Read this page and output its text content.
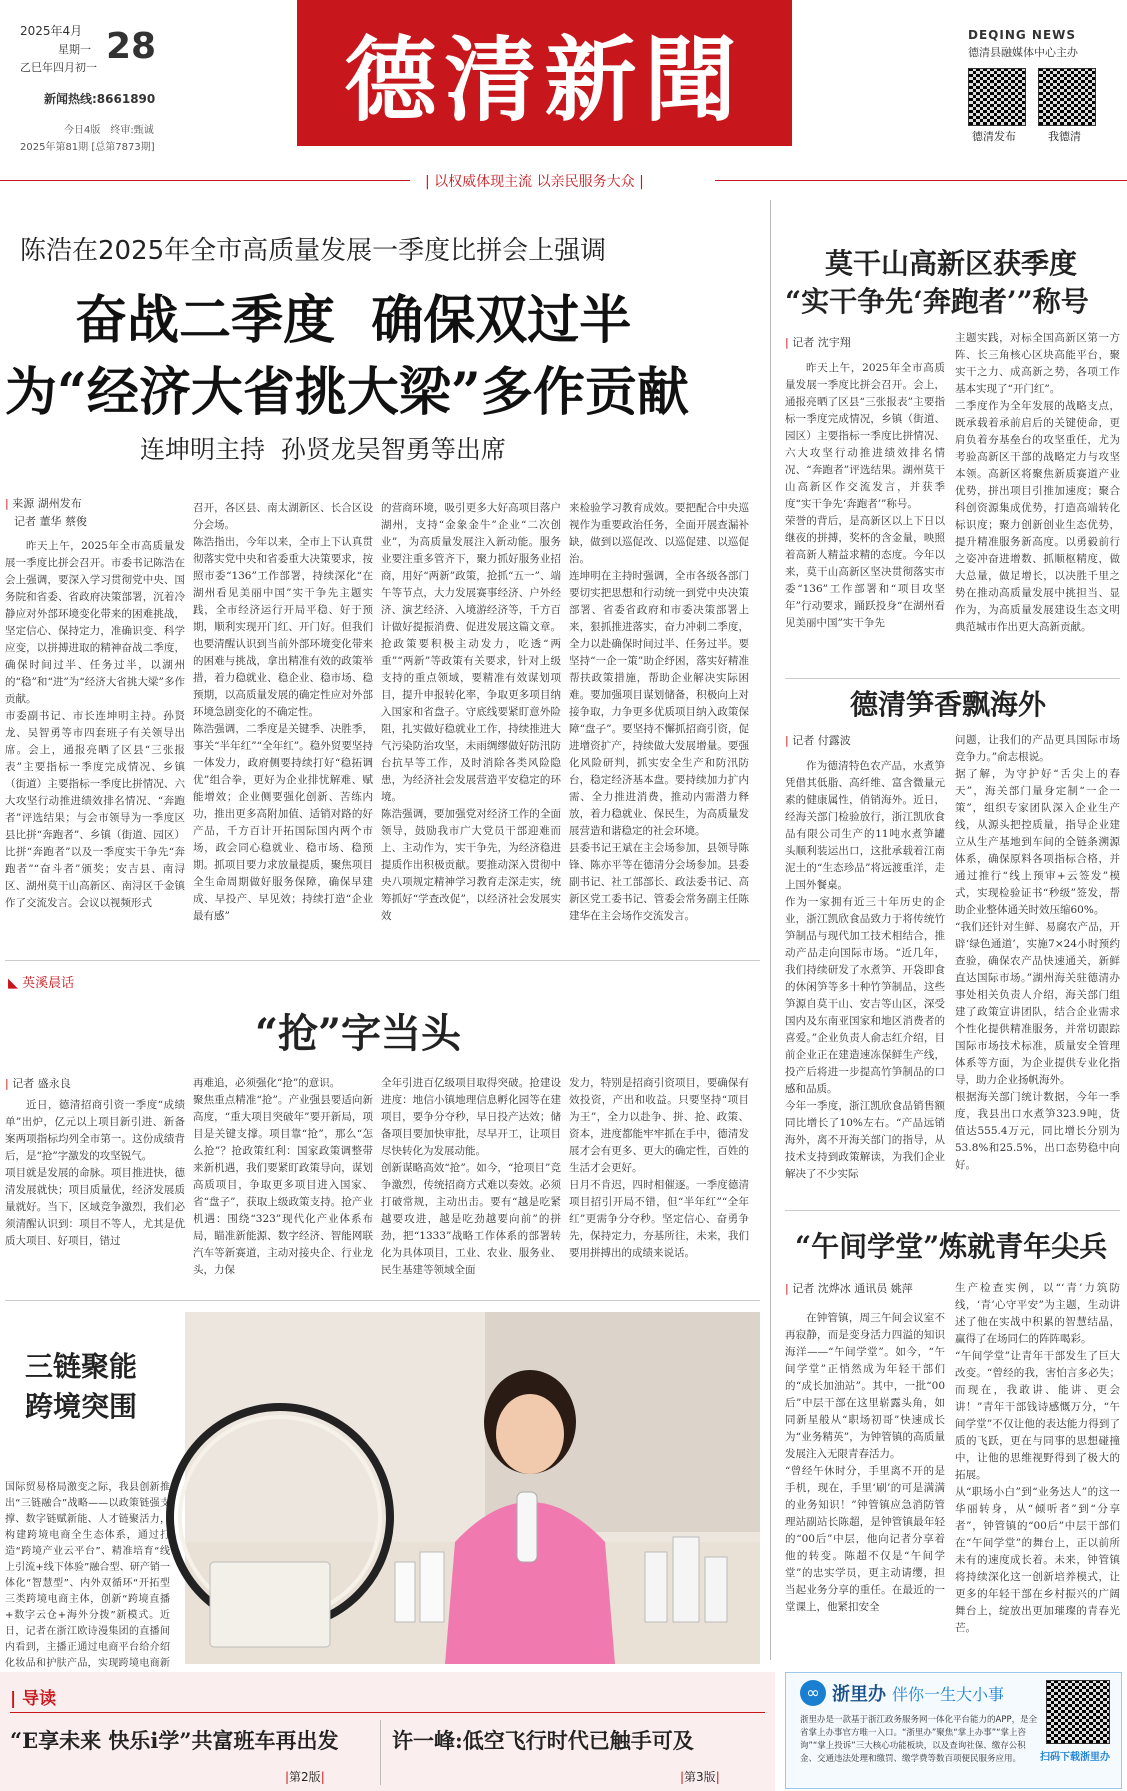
2025年4月
星期一
乙巳年四月初一
28
新闻热线:8661890
今日4版　终审:甄诚
2025年第81期 [总第7873期]
德清新聞	DEQING NEWS
德清县融媒体中心主办
德清发布	我德清
| 以权威体现主流 以亲民服务大众 |
陈浩在2025年全市高质量发展一季度比拼会上强调
奋战二季度  确保双过半
为“经济大省挑大梁”多作贡献
连坤明主持  孙贤龙吴智勇等出席
| 来源 湖州发布
记者 董华 蔡俊

昨天上午，2025年全市高质量发展一季度比拼会召开。市委书记陈浩在会上强调，要深入学习贯彻党中央、国务院和省委、省政府决策部署，沉着冷静应对外部环境变化带来的困难挑战，坚定信心、保持定力，准确识变、科学应变，以拼搏进取的精神奋战二季度，确保时间过半、任务过半，以湖州的“稳”和“进”为“经济大省挑大梁”多作贡献。
市委副书记、市长连坤明主持。孙贤龙、吴智勇等市四套班子有关领导出席。会上，通报亮晒了区县“三张报表”主要指标一季度完成情况、乡镇（街道）主要指标一季度比拼情况、六大攻坚行动推进绩效排名情况、“奔跑者”评选结果；与会市领导为一季度区县比拼“奔跑者”、乡镇（街道、园区）比拼“奔跑者”以及一季度实干争先“奔跑者”“奋斗者”颁奖；安吉县、南浔区、湖州莫干山高新区、南浔区千金镇作了交流发言。会议以视频形式

召开，各区县、南太湖新区、长合区设分会场。
陈浩指出，今年以来，全市上下认真贯彻落实党中央和省委重大决策要求，按照市委“136”工作部署，持续深化“在湖州看见美丽中国”实干争先主题实践，全市经济运行开局平稳、好于预期，顺利实现开门红、开门好。但我们也要清醒认识到当前外部环境变化带来的困难与挑战，拿出精准有效的政策举措，着力稳就业、稳企业、稳市场、稳预期，以高质量发展的确定性应对外部环境急剧变化的不确定性。
陈浩强调，二季度是关键季、决胜季，事关“半年红”“全年红”。稳外贸要坚持一体发力，政府侧要持续打好“稳拓调优”组合拳，更好为企业排忧解难、赋能增效；企业侧要强化创新、苦练内功，推出更多高附加值、适销对路的好产品，千方百计开拓国际国内两个市场，政会同心稳就业、稳市场、稳预期。抓项目要力求放量提质，聚焦项目全生命周期做好服务保障，确保早建成、早投产、早见效；持续打造“企业最有感”

的营商环境，吸引更多大好高项目落户湖州，支持“金象金牛”企业“二次创业”，为高质量发展注入新动能。服务业要注重多管齐下，聚力抓好服务业招商，用好“两新”政策，抢抓“五一”、端午等节点，大力发展赛事经济、户外经济、演艺经济、入境游经济等，千方百计做好提振消费、促进发展这篇文章。抢政策要积极主动发力，吃透“两重”“两新”等政策有关要求，针对上级支持的重点领域，要精准有效谋划项目，提升申报转化率，争取更多项目纳入国家和省盘子。守底线要紧盯意外险阻，扎实做好稳就业工作，持续推进大气污染防治攻坚，未雨绸缪做好防汛防台抗旱等工作，及时消除各类风险隐患，为经济社会发展营造平安稳定的环境。
陈浩强调，要加强党对经济工作的全面领导，鼓励我市广大党员干部迎难而上、主动作为，实干争先，为经济稳进提质作出积极贡献。要推动深入贯彻中央八项规定精神学习教育走深走实，统筹抓好“学查改促”，以经济社会发展实效

来检验学习教育成效。要把配合中央巡视作为重要政治任务，全面开展查漏补缺，做到以巡促改、以巡促建、以巡促治。
连坤明在主持时强调，全市各级各部门要切实把思想和行动统一到党中央决策部署、省委省政府和市委决策部署上来，狠抓推进落实，奋力冲刺二季度，全力以赴确保时间过半、任务过半。要坚持“一企一策”助企纾困，落实好精准帮扶政策措施，帮助企业解决实际困难。要加强项目谋划储备，积极向上对接争取，力争更多优质项目纳入政策保障“盘子”。要坚持不懈抓招商引资，促进增资扩产，持续做大发展增量。要强化风险研判，抓实安全生产和防汛防台，稳定经济基本盘。要持续加力扩内需、全力推进消费，推动内需潜力释放，着力稳就业、保民生，为高质量发展营造和谐稳定的社会环境。
县委书记王斌在主会场参加，县领导陈锋、陈亦平等在德清分会场参加。县委副书记、社工部部长、政法委书记、高新区党工委书记、管委会常务副主任陈建华在主会场作交流发言。

莫干山高新区获季度
“实干争先‘奔跑者’”称号
| 记者 沈宇翔

昨天上午，2025年全市高质量发展一季度比拼会召开。会上，通报亮晒了区县“三张报表”主要指标一季度完成情况，乡镇（街道、园区）主要指标一季度比拼情况、六大攻坚行动推进绩效排名情况、“奔跑者”评选结果。湖州莫干山高新区作交流发言，并获季度“实干争先‘奔跑者’”称号。
荣誉的背后，是高新区以上下日以继夜的拼搏，奖杯的含金量，映照着高新人精益求精的态度。今年以来，莫干山高新区坚决贯彻落实市委“136”工作部署和“项目攻坚年”行动要求，踊跃投身“在湖州看见美丽中国”实干争先

主题实践，对标全国高新区第一方阵、长三角核心区块高能平台，聚实干之力、成高新之势，各项工作基本实现了“开门红”。
二季度作为全年发展的战略支点，既承载着承前启后的关键使命，更肩负着夯基垒台的攻坚重任，尤为考验高新区干部的战略定力与攻坚本领。高新区将聚焦新质赛道产业优势，拼出项目引推加速度；聚合科创资源集成优势，打造高端转化标识度；聚力创新创业生态优势，提升精准服务新高度。以勇毅前行之姿冲奋进增数、抓顺枢精度，做大总量，做足增长，以决胜千里之势在推动高质量发展中挑担当、显作为，为高质量发展建设生态文明典范城市作出更大高新贡献。

德清笋香飘海外
| 记者 付露波

作为德清特色农产品，水煮笋凭借其低脂、高纤维、富含微量元素的健康属性，俏销海外。近日，经海关部门检验放行，浙江凯欣食品有限公司生产的11吨水煮笋罐头顺利装运出口，这批承载着江南泥土的“生态珍品”将远渡重洋，走上国外餐桌。
作为一家拥有近三十年历史的企业，浙江凯欣食品致力于将传统竹笋制品与现代加工技术相结合，推动产品走向国际市场。“近几年，我们持续研发了水煮笋、开袋即食的休闲笋等多十种竹笋制品，这些笋源自莫干山、安吉等山区，深受国内及东南亚国家和地区消费者的喜爱。”企业负责人俞志红介绍，目前企业正在建造速冻保鲜生产线，投产后将进一步提高竹笋制品的口感和品质。
今年一季度，浙江凯欣食品销售额同比增长了10%左右。“产品远销海外，离不开海关部门的指导，从技术支持到政策解读，为我们企业解决了不少实际

问题，让我们的产品更具国际市场竞争力。”俞志根说。
据了解，为守护好“舌尖上的春天”，海关部门量身定制“一企一策”，组织专家团队深入企业生产线，从源头把控质量，指导企业建立从生产基地到车间的全链条溯源体系，确保原料各项指标合格，并通过推行“线上预审+云签发”模式，实现检验证书“秒级”签发，帮助企业整体通关时效压缩60%。
“我们还针对生鲜、易腐农产品，开辟‘绿色通道’，实施7×24小时预约查验，确保农产品快速通关，新鲜直达国际市场。”湖州海关驻德清办事处相关负责人介绍，海关部门组建了政策宣讲团队，结合企业需求个性化提供精准服务，并常切跟踪国际市场技术标准，质量安全管理体系等方面，为企业提供专业化指导，助力企业扬帆海外。
根据海关部门统计数据，今年一季度，我县出口水煮笋323.9吨，货值达555.4万元，同比增长分别为53.8%和25.5%，出口态势稳中向好。

“午间学堂”炼就青年尖兵
| 记者 沈烨冰 通讯员 姚萍

在钟管镇，周三午间会议室不再寂静，而是变身活力四溢的知识海洋——“午间学堂”。如今，“午间学堂”正悄然成为年轻干部们的“成长加油站”。其中，一批“00后”中层干部在这里崭露头角，如同新星般从“职场初哥”快速成长为“业务精英”，为钟管镇的高质量发展注入无限青春活力。
“曾经午休时分，手里离不开的是手机，现在，手里‘刷’的可是满满的业务知识！”钟管镇应急消防管理站副站长陈超，是钟管镇最年轻的“00后”中层，他向记者分享着他的转变。陈超不仅是“午间学堂”的忠实学员，更主动请缨，担当起业务分享的重任。在最近的一堂课上，他紧扣安全

生产检查实例，以“‘青’力筑防线，‘青’心守平安”为主题，生动讲述了他在实战中积累的智慧结晶，赢得了在场同仁的阵阵喝彩。
“午间学堂”让青年干部发生了巨大改变。“曾经的我，害怕言多必失；而现在，我敢讲、能讲、更会讲！”青年干部钱诗感慨万分，“午间学堂”不仅让他的表达能力得到了质的飞跃，更在与同事的思想碰撞中，让他的思维视野得到了极大的拓展。
从“职场小白”到“业务达人”的这一华丽转身，从“倾听者”到“分享者”，钟管镇的“00后”中层干部们在“午间学堂”的舞台上，正以前所未有的速度成长着。未来，钟管镇将持续深化这一创新培养模式，让更多的年轻干部在乡村振兴的广阔舞台上，绽放出更加璀璨的青春光芒。

◣ 英溪晨话
“抢”字当头
| 记者 盛永良

近日，德清招商引资一季度“成绩单”出炉，亿元以上项目新引进、新备案两项指标均列全市第一。这份成绩背后，是“抢”字激发的攻坚锐气。
项目就是发展的命脉。项目推进快，德清发展就快；项目质量优，经济发展质量就好。当下，区域竞争激烈，我们必须清醒认识到：项目不等人，尤其是优质大项目、好项目，错过

再难追，必须强化“抢”的意识。
聚焦重点精准“抢”。产业强县要适向新高度，“重大项目突破年”要开新局，项目是关键支撑。项目靠“抢”，那么“怎么抢”？抢政策红利：国家政策调整带来新机遇，我们要紧盯政策导向，谋划高质项目，争取更多项目进入国家、省“盘子”，获取上级政策支持。抢产业机遇：围绕“323”现代化产业体系布局，瞄准新能源、数字经济、智能网联汽车等新赛道，主动对接央企、行业龙头，力保

全年引进百亿级项目取得突破。抢建设进度：地信小镇地理信息孵化园等在建项目，要争分夺秒，早日投产达效；储备项目要加快审批，尽早开工，让项目尽快转化为发展动能。
创新谋略高效“抢”。如今，“抢项目”竞争激烈，传统招商方式难以奏效。必须打破常规，主动出击。要有“越是吃紧越要攻进，越是吃劲越要向前”的拼劲，把“1333”战略工作体系的部署转化为具体项目，工业、农业、服务业、民生基建等领域全面

发力，特别是招商引资项目，要确保有效投资，产出和收益。只要坚持“项目为王”，全力以赴争、拼、抢、政策、资本，进度都能牢牢抓在手中，德清发展才会有更多、更大的确定性，百姓的生活才会更好。
日月不肯迟，四时相催逐。一季度德清项目招引开局不错，但“半年红”“全年红”更需争分夺秒。坚定信心、奋勇争先，保持定力，夯基所往，未来，我们要用拼搏出的成绩来说话。

三链聚能
跨境突围
国际贸易格局激变之际，我县创新推出“三链融合”战略——以政策链强支撑、数字链赋新能、人才链聚活力，构建跨境电商全生态体系，通过打造“跨境产业云平台”、精准培育“线上引流+线下体验”融合型、研产销一体化“智慧型”、内外双循环“开拓型三类跨境电商主体，创新“跨境直播+数字云仓+海外分拨”新模式。近日，记者在浙江欧诗漫集团的直播间内看到，主播正通过电商平台给介绍化妆品和护肤产品，实现跨境电商新
| 导读
“E享未来 快乐i学”共富班车再出发
|第2版|
许一峰:低空飞行时代已触手可及
|第3版|
∞ 浙里办 伴你一生大小事
浙里办是一款基于浙江政务服务网一体化平台能力的APP，是全省掌上办事官方唯一入口。“浙里办”聚焦“掌上办事”“掌上咨询”“掌上投诉”三大核心功能板块，以及查询社保、缴存公积金、交通违法处理和缴罚、缴学费等数百项便民服务应用。	扫码下载浙里办
